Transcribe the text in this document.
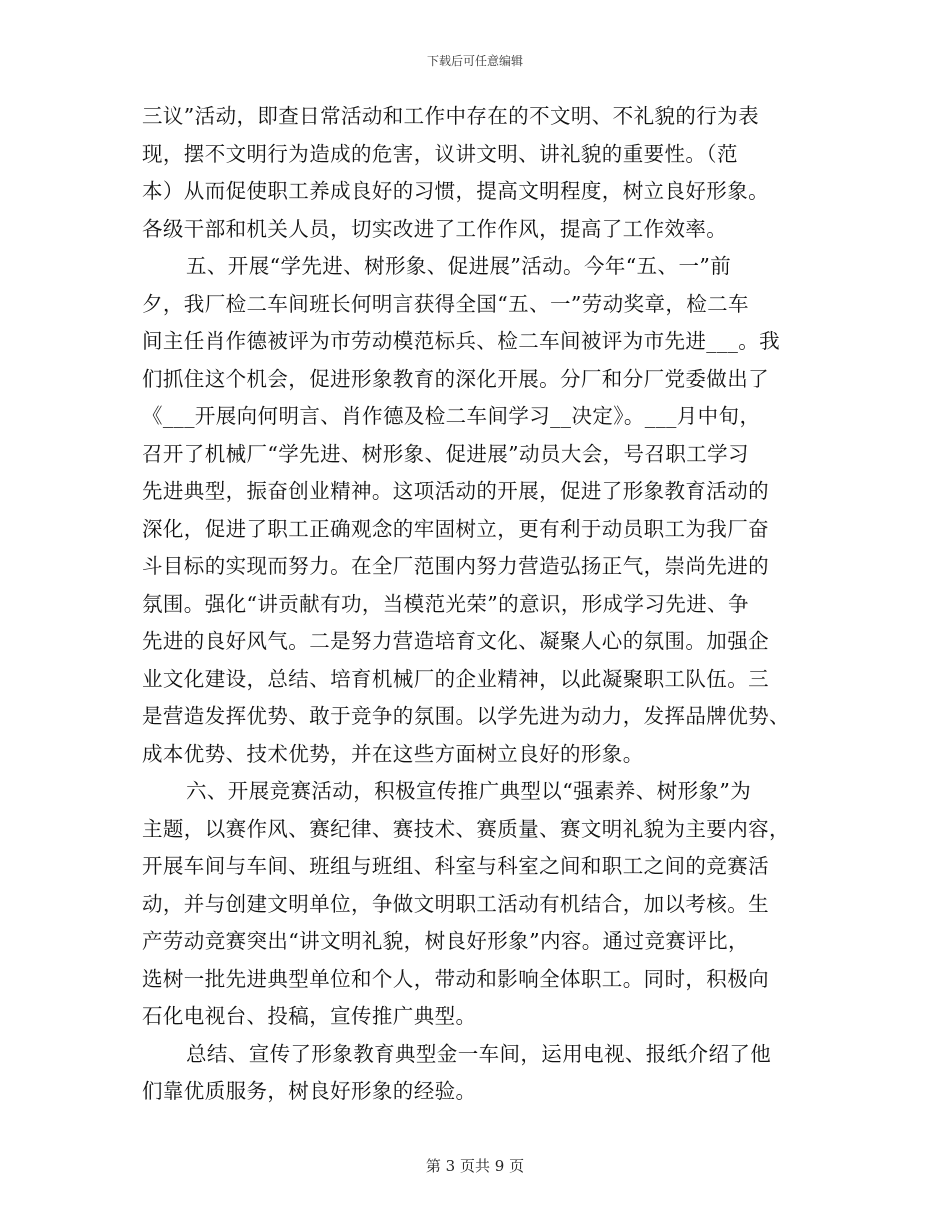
下载后可任意编辑
三议”活动，即查日常活动和工作中存在的不文明、不礼貌的行为表
现，摆不文明行为造成的危害，议讲文明、讲礼貌的重要性。（范
本）从而促使职工养成良好的习惯，提高文明程度，树立良好形象。
各级干部和机关人员，切实改进了工作作风，提高了工作效率。
五、开展“学先进、树形象、促进展”活动。今年“五、一”前
夕，我厂检二车间班长何明言获得全国“五、一”劳动奖章，检二车
间主任肖作德被评为市劳动模范标兵、检二车间被评为市先进___。我
们抓住这个机会，促进形象教育的深化开展。分厂和分厂党委做出了
《___开展向何明言、肖作德及检二车间学习__决定》。___月中旬，
召开了机械厂“学先进、树形象、促进展”动员大会，号召职工学习
先进典型，振奋创业精神。这项活动的开展，促进了形象教育活动的
深化，促进了职工正确观念的牢固树立，更有利于动员职工为我厂奋
斗目标的实现而努力。在全厂范围内努力营造弘扬正气，崇尚先进的
氛围。强化“讲贡献有功，当模范光荣”的意识，形成学习先进、争
先进的良好风气。二是努力营造培育文化、凝聚人心的氛围。加强企
业文化建设，总结、培育机械厂的企业精神，以此凝聚职工队伍。三
是营造发挥优势、敢于竞争的氛围。以学先进为动力，发挥品牌优势、
成本优势、技术优势，并在这些方面树立良好的形象。
六、开展竞赛活动，积极宣传推广典型以“强素养、树形象”为
主题，以赛作风、赛纪律、赛技术、赛质量、赛文明礼貌为主要内容，
开展车间与车间、班组与班组、科室与科室之间和职工之间的竞赛活
动，并与创建文明单位，争做文明职工活动有机结合，加以考核。生
产劳动竞赛突出“讲文明礼貌，树良好形象”内容。通过竞赛评比，
选树一批先进典型单位和个人，带动和影响全体职工。同时，积极向
石化电视台、投稿，宣传推广典型。
总结、宣传了形象教育典型金一车间，运用电视、报纸介绍了他
们靠优质服务，树良好形象的经验。
第 3 页共 9 页
